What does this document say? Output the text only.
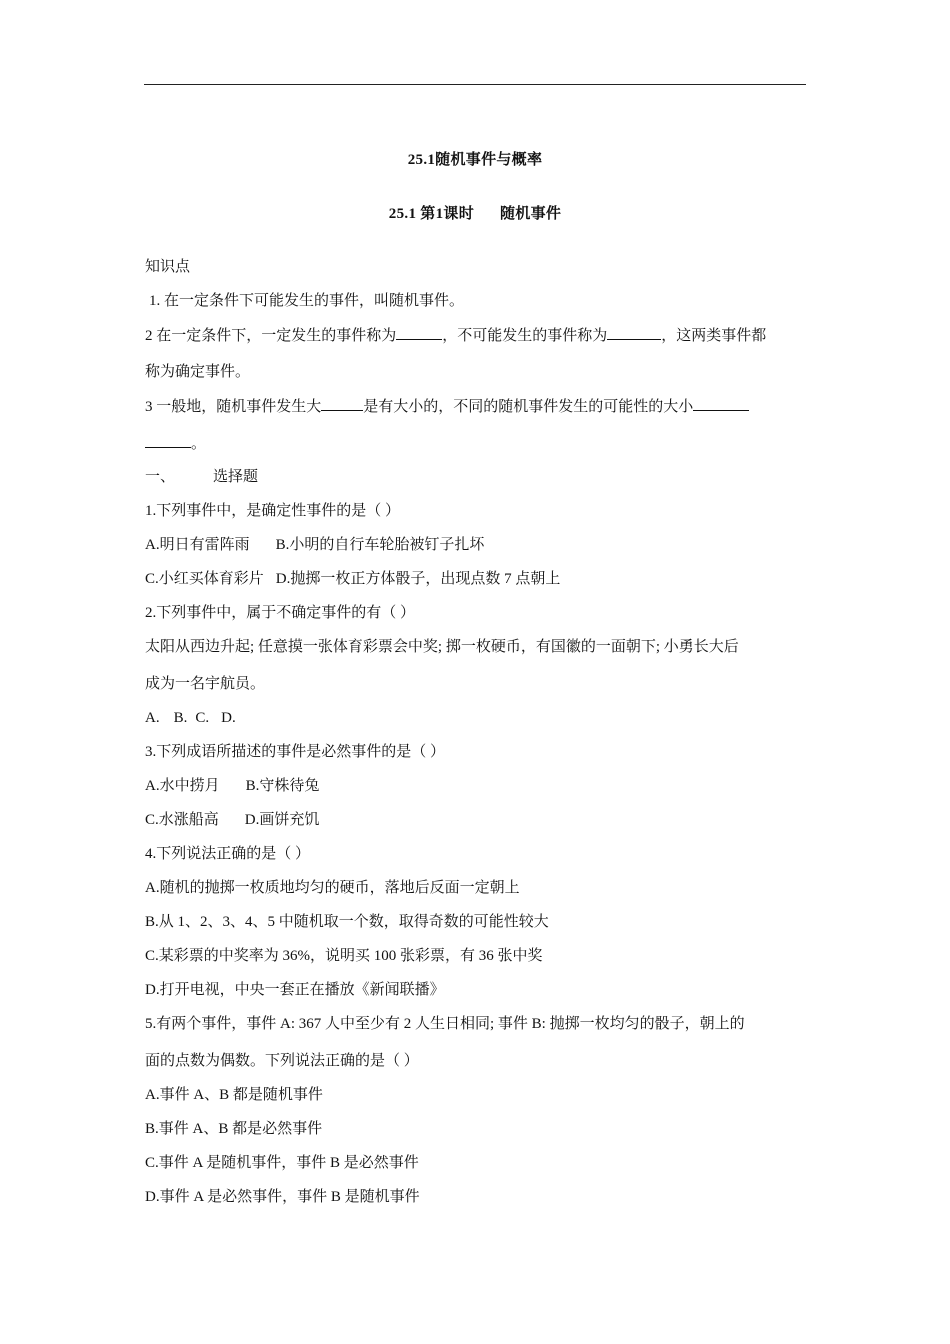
25.1随机事件与概率
25.1 第1课时 随机事件
知识点
1. 在一定条件下可能发生的事件，叫随机事件。
2 在一定条件下，一定发生的事件称为	，不可能发生的事件称为	，这两类事件都
称为确定事件。
3 一般地，随机事件发生大	是有大小的，不同的随机事件发生的可能性的大小
。
一、	选择题
1.下列事件中，是确定性事件的是（ ）
A.明日有雷阵雨 B.小明的自行车轮胎被钉子扎坏
C.小红买体育彩片 D.抛掷一枚正方体骰子，出现点数 7 点朝上
2.下列事件中，属于不确定事件的有（ ）
太阳从西边升起; 任意摸一张体育彩票会中奖; 掷一枚硬币，有国徽的一面朝下; 小勇长大后
成为一名宇航员。
A. B. C. D.
3.下列成语所描述的事件是必然事件的是（ ）
A.水中捞月 B.守株待兔
C.水涨船高 D.画饼充饥
4.下列说法正确的是（ ）
A.随机的抛掷一枚质地均匀的硬币，落地后反面一定朝上
B.从 1、2、3、4、5 中随机取一个数，取得奇数的可能性较大
C.某彩票的中奖率为 36%，说明买 100 张彩票，有 36 张中奖
D.打开电视，中央一套正在播放《新闻联播》
5.有两个事件，事件 A: 367 人中至少有 2 人生日相同; 事件 B: 抛掷一枚均匀的骰子，朝上的
面的点数为偶数。下列说法正确的是（ ）
A.事件 A、B 都是随机事件
B.事件 A、B 都是必然事件
C.事件 A 是随机事件，事件 B 是必然事件
D.事件 A 是必然事件，事件 B 是随机事件
